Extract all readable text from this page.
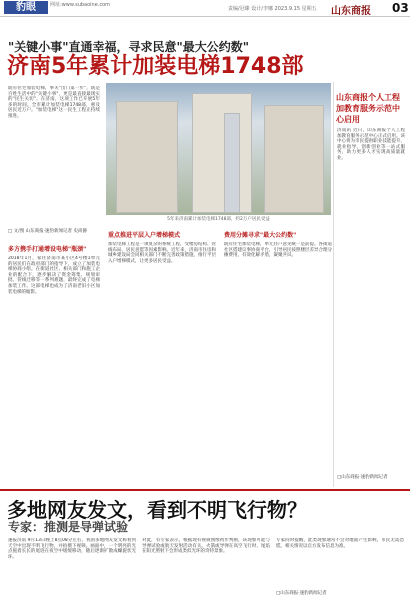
豹眼	网址:www.subaoine.com
责编/冠臻 设计/李娜 2023.9.15 星期五 山东商报 03
"关键小事"直通幸福，寻求民意"最大公约数"
济南5年累计加装电梯1748部
既有住宅加装电梯，事关"出门第一步"，既是百姓生活中的"关键小事"，更是最直接最现实的"民生关切"。在济南，这项工作已开展5年多的时间。全市累计加装电梯1748部，惠及居民近万户。"加装电梯"这一民生工程正持续推进。
□ 文/图 山东商报·速豹新闻记者 史尚静
多方携手打通增设电梯"瓶颈"
2018年1月，家住济南市某小区4号楼1单元的居民们在政府部门的指导下，成立了加装电梯协商小组。在街道社区、相关部门和施工企业的配合下，逐步解决了资金筹集、规划审批、管线迁移等一系列难题，最终完成了电梯加装工作。这部电梯也成为了济南老旧小区加装电梯的缩影。
5年来济南累计加装电梯1748部，约2万户居民受益
重点推进平层入户增梯模式
加装电梯工程是一项复杂的系统工程，受楼房结构、管线布局、居民意愿等因素影响。近年来，济南市住房和城乡建设局会同相关部门不断完善政策措施，推行平层入户增梯模式，让更多居民受益。
费用分摊寻求"最大公约数"
既有住宅加装电梯，单元住户意见统一是前提。各街道社区搭建议事协商平台，引导居民按照楼层差异合理分摊费用，有效化解矛盾，凝聚共识。
山东商报个人工程加教育服务示范中心启用
济南讯 近日，山东商报个人工程加教育服务示范中心正式启用。该中心将为市民提供职业技能提升、就业指导、创新创业等一站式服务，助力更多人才实现高质量就业。
□山东商报·速豹新闻记者
多地网友发文，看到不明飞行物？
专家：推测是导弹试验
速报济南 9月13日晚上8点08分左右，我国多地网友发文称看到天空中出现不明飞行物，并拍摄下视频。画面中，一个明亮的光点拖着长长的尾迹在夜空中缓缓移动，随后逐渐扩散成螺旋状光环。
对此，有专家表示，根据现有视频图像初步判断，该现象可能与导弹试验或航天发射活动有关。火箭或导弹在高空飞行时，尾焰在阳光照射下会形成类似光环的奇特景象。
专家同时提醒，此类现象通常不会对地面产生影响，市民无需恐慌。相关情况以官方发布信息为准。
□山东商报·速豹新闻记者
